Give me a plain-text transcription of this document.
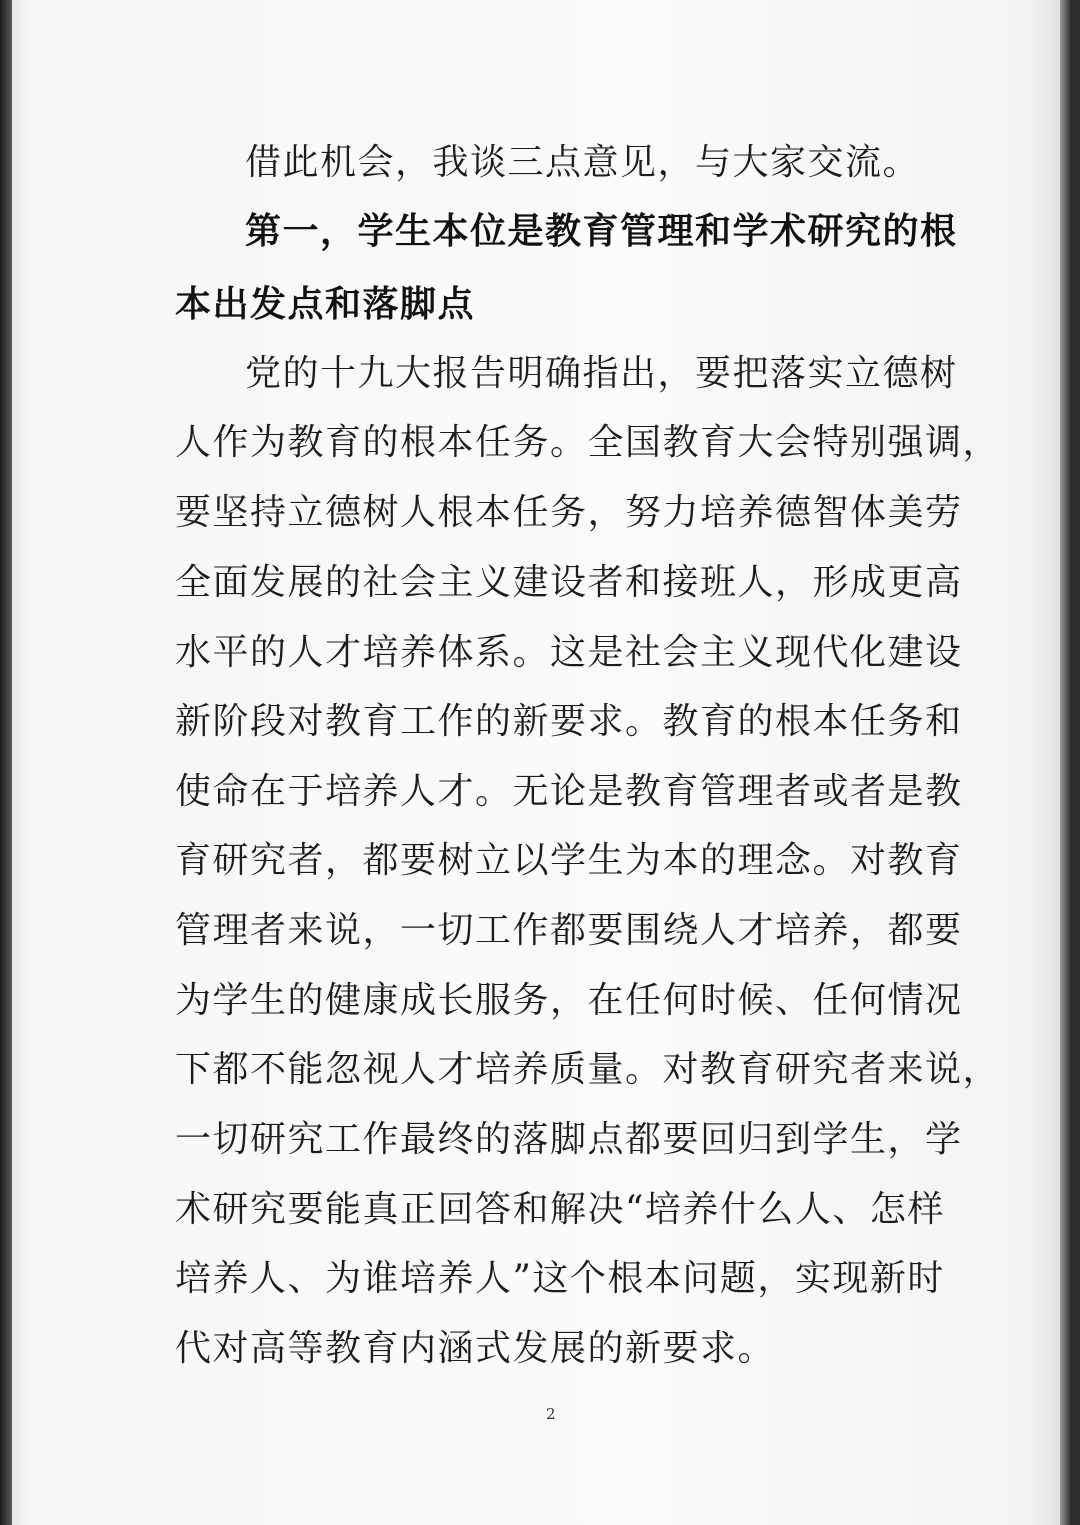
借此机会，我谈三点意见，与大家交流。

第一，学生本位是教育管理和学术研究的根

本出发点和落脚点

党的十九大报告明确指出，要把落实立德树

人作为教育的根本任务。全国教育大会特别强调，

要坚持立德树人根本任务，努力培养德智体美劳

全面发展的社会主义建设者和接班人，形成更高

水平的人才培养体系。这是社会主义现代化建设

新阶段对教育工作的新要求。教育的根本任务和

使命在于培养人才。无论是教育管理者或者是教

育研究者，都要树立以学生为本的理念。对教育

管理者来说，一切工作都要围绕人才培养，都要

为学生的健康成长服务，在任何时候、任何情况

下都不能忽视人才培养质量。对教育研究者来说，

一切研究工作最终的落脚点都要回归到学生，学

术研究要能真正回答和解决“培养什么人、怎样

培养人、为谁培养人”这个根本问题，实现新时

代对高等教育内涵式发展的新要求。

2
